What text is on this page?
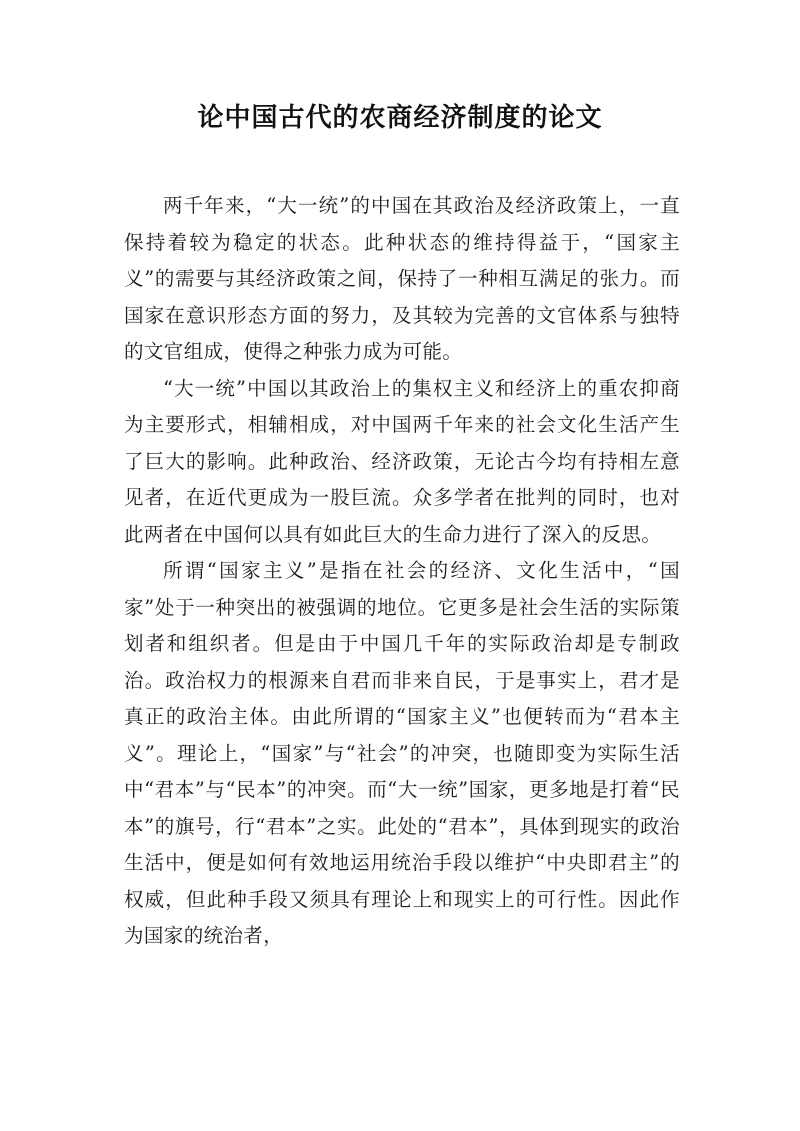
论中国古代的农商经济制度的论文

两千年来，“大一统”的中国在其政治及经济政策上，一直保持着较为稳定的状态。此种状态的维持得益于，“国家主义”的需要与其经济政策之间，保持了一种相互满足的张力。而国家在意识形态方面的努力，及其较为完善的文官体系与独特的文官组成，使得之种张力成为可能。

“大一统”中国以其政治上的集权主义和经济上的重农抑商为主要形式，相辅相成，对中国两千年来的社会文化生活产生了巨大的影响。此种政治、经济政策，无论古今均有持相左意见者，在近代更成为一股巨流。众多学者在批判的同时，也对此两者在中国何以具有如此巨大的生命力进行了深入的反思。

所谓“国家主义”是指在社会的经济、文化生活中，“国家”处于一种突出的被强调的地位。它更多是社会生活的实际策划者和组织者。但是由于中国几千年的实际政治却是专制政治。政治权力的根源来自君而非来自民，于是事实上，君才是真正的政治主体。由此所谓的“国家主义”也便转而为“君本主义”。理论上，“国家”与“社会”的冲突，也随即变为实际生活中“君本”与“民本”的冲突。而“大一统”国家，更多地是打着“民本”的旗号，行“君本”之实。此处的“君本”，具体到现实的政治生活中，便是如何有效地运用统治手段以维护“中央即君主”的权威，但此种手段又须具有理论上和现实上的可行性。因此作为国家的统治者，
